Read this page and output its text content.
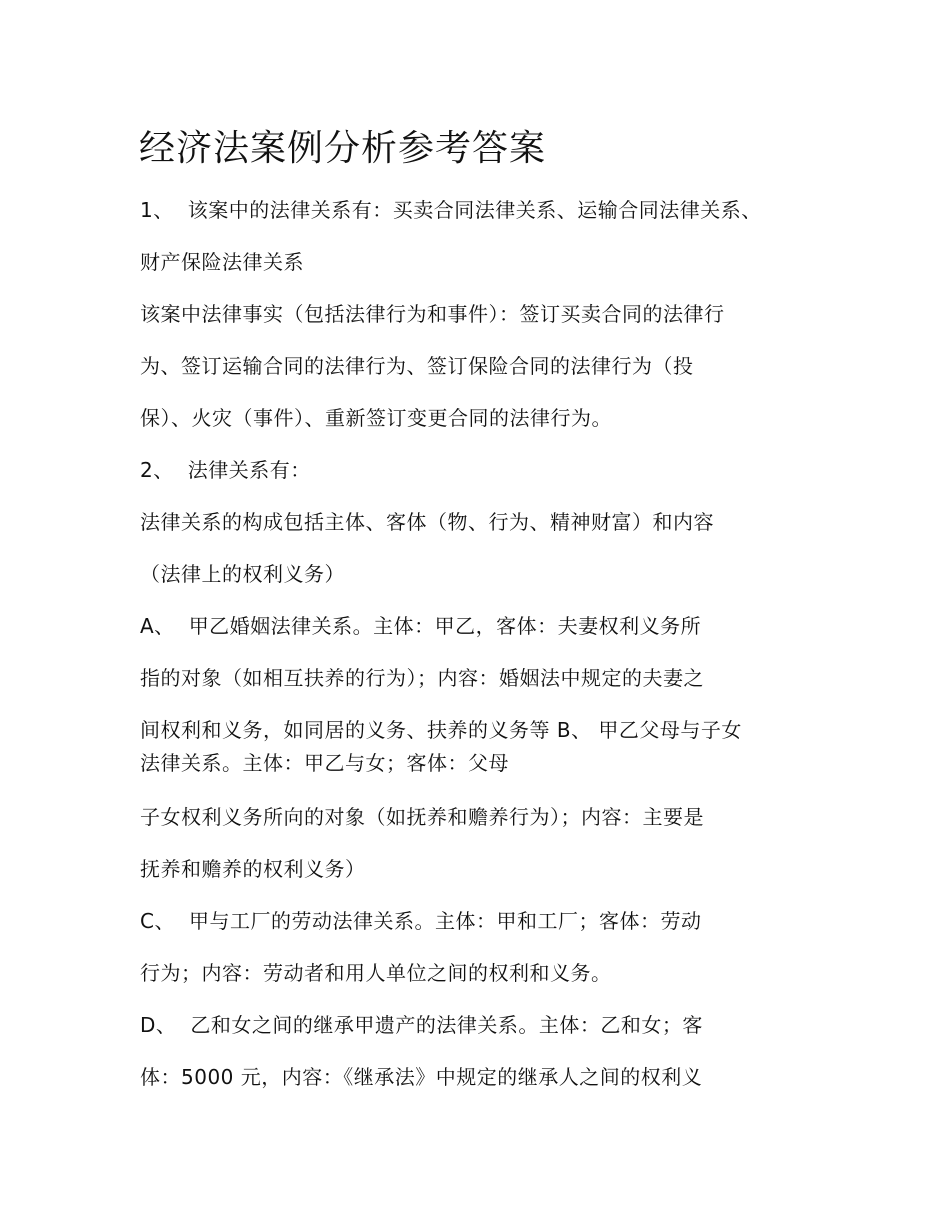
经济法案例分析参考答案

1、 该案中的法律关系有：买卖合同法律关系、运输合同法律关系、

财产保险法律关系

该案中法律事实（包括法律行为和事件）：签订买卖合同的法律行

为、签订运输合同的法律行为、签订保险合同的法律行为（投

保）、火灾（事件）、重新签订变更合同的法律行为。

2、 法律关系有：

法律关系的构成包括主体、客体（物、行为、精神财富）和内容

（法律上的权利义务）

A、 甲乙婚姻法律关系。主体：甲乙，客体：夫妻权利义务所

指的对象（如相互扶养的行为）；内容：婚姻法中规定的夫妻之

间权利和义务，如同居的义务、扶养的义务等 B、 甲乙父母与子女

法律关系。主体：甲乙与女；客体：父母

子女权利义务所向的对象（如抚养和赡养行为）；内容：主要是

抚养和赡养的权利义务）

C、 甲与工厂的劳动法律关系。主体：甲和工厂；客体：劳动

行为；内容：劳动者和用人单位之间的权利和义务。

D、 乙和女之间的继承甲遗产的法律关系。主体：乙和女；客

体：5000 元，内容：《继承法》中规定的继承人之间的权利义
